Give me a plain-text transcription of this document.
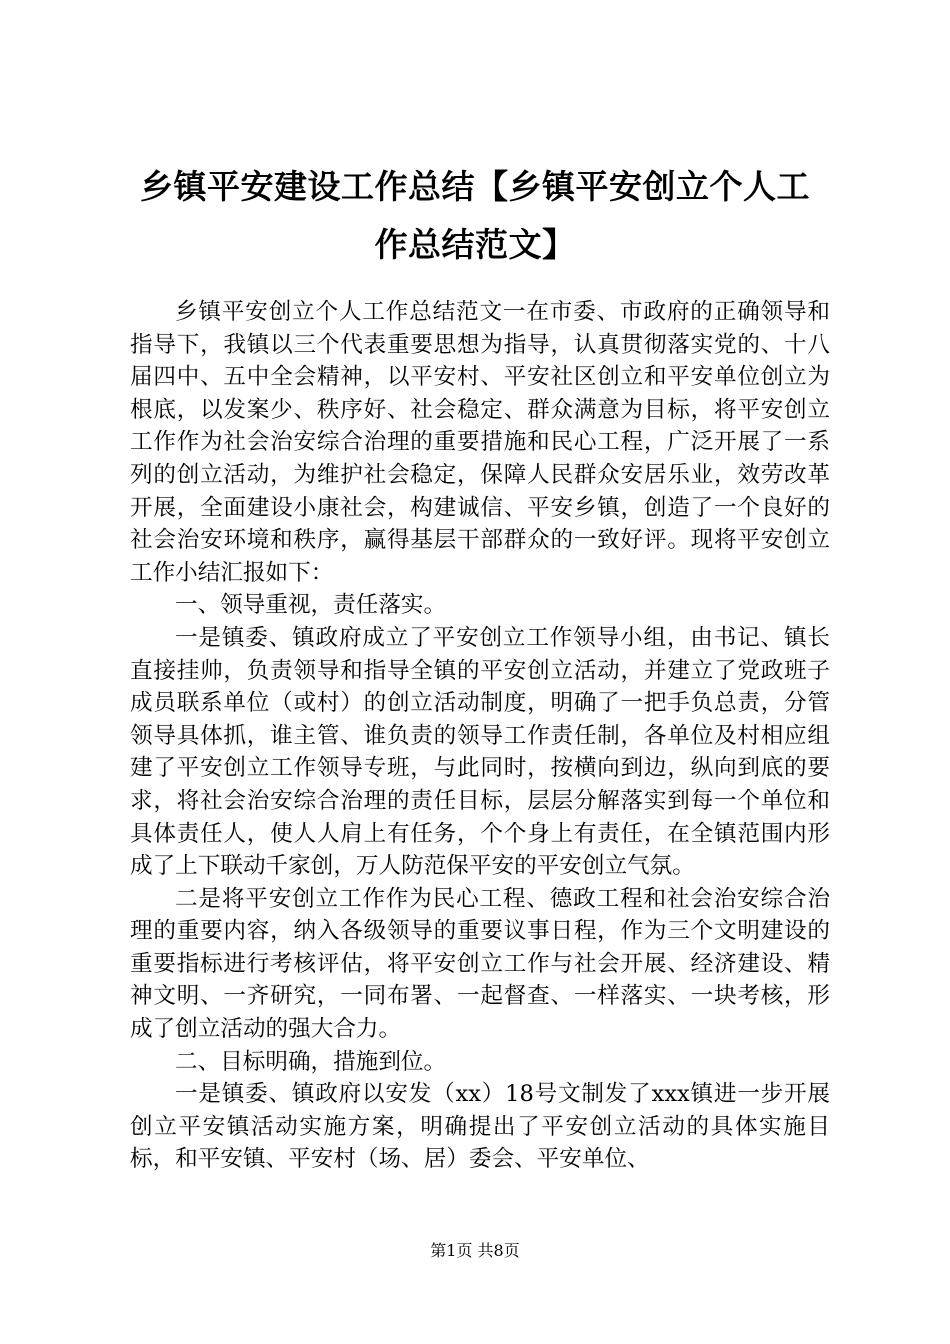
乡镇平安建设工作总结【乡镇平安创立个人工
作总结范文】

乡镇平安创立个人工作总结范文一在市委、市政府的正确领导和指导下，我镇以三个代表重要思想为指导，认真贯彻落实党的、十八届四中、五中全会精神，以平安村、平安社区创立和平安单位创立为根底，以发案少、秩序好、社会稳定、群众满意为目标，将平安创立工作作为社会治安综合治理的重要措施和民心工程，广泛开展了一系列的创立活动，为维护社会稳定，保障人民群众安居乐业，效劳改革开展，全面建设小康社会，构建诚信、平安乡镇，创造了一个良好的社会治安环境和秩序，赢得基层干部群众的一致好评。现将平安创立工作小结汇报如下：

一、领导重视，责任落实。

一是镇委、镇政府成立了平安创立工作领导小组，由书记、镇长直接挂帅，负责领导和指导全镇的平安创立活动，并建立了党政班子成员联系单位（或村）的创立活动制度，明确了一把手负总责，分管领导具体抓，谁主管、谁负责的领导工作责任制，各单位及村相应组建了平安创立工作领导专班，与此同时，按横向到边，纵向到底的要求，将社会治安综合治理的责任目标，层层分解落实到每一个单位和具体责任人，使人人肩上有任务，个个身上有责任，在全镇范围内形成了上下联动千家创，万人防范保平安的平安创立气氛。

二是将平安创立工作作为民心工程、德政工程和社会治安综合治理的重要内容，纳入各级领导的重要议事日程，作为三个文明建设的重要指标进行考核评估，将平安创立工作与社会开展、经济建设、精神文明、一齐研究，一同布署、一起督查、一样落实、一块考核，形成了创立活动的强大合力。

二、目标明确，措施到位。

一是镇委、镇政府以安发（xx）18号文制发了xxx镇进一步开展创立平安镇活动实施方案，明确提出了平安创立活动的具体实施目标，和平安镇、平安村（场、居）委会、平安单位、

第1页 共8页
